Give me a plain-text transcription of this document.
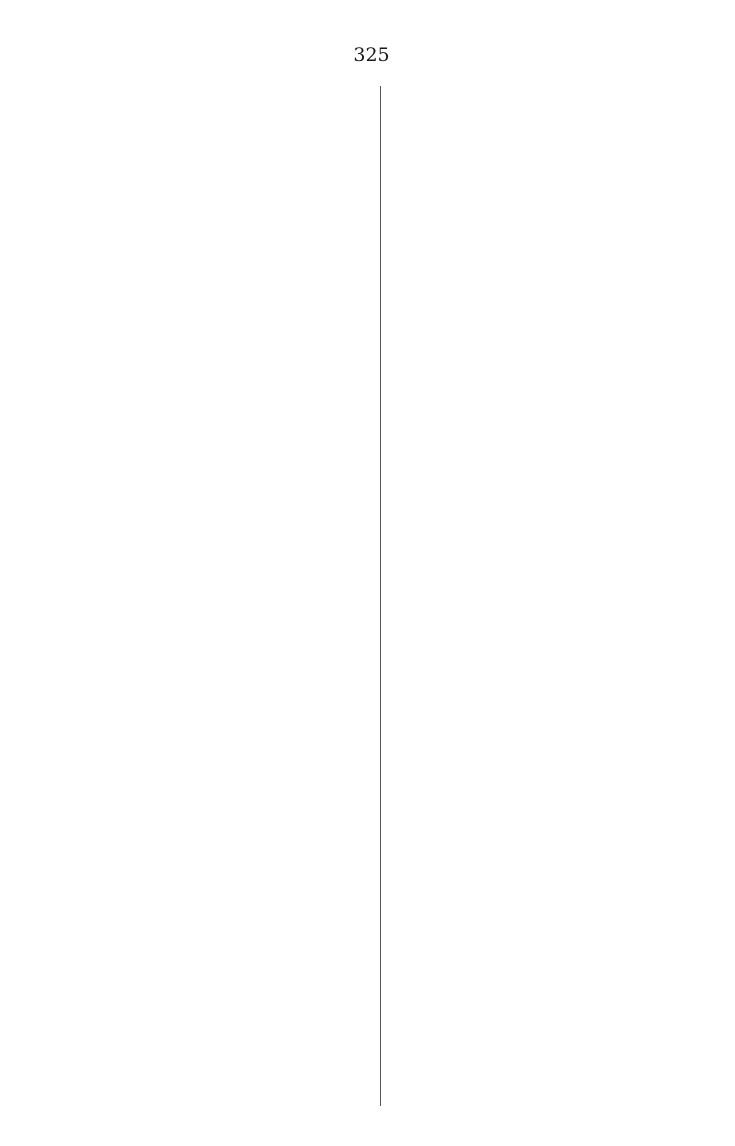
325
